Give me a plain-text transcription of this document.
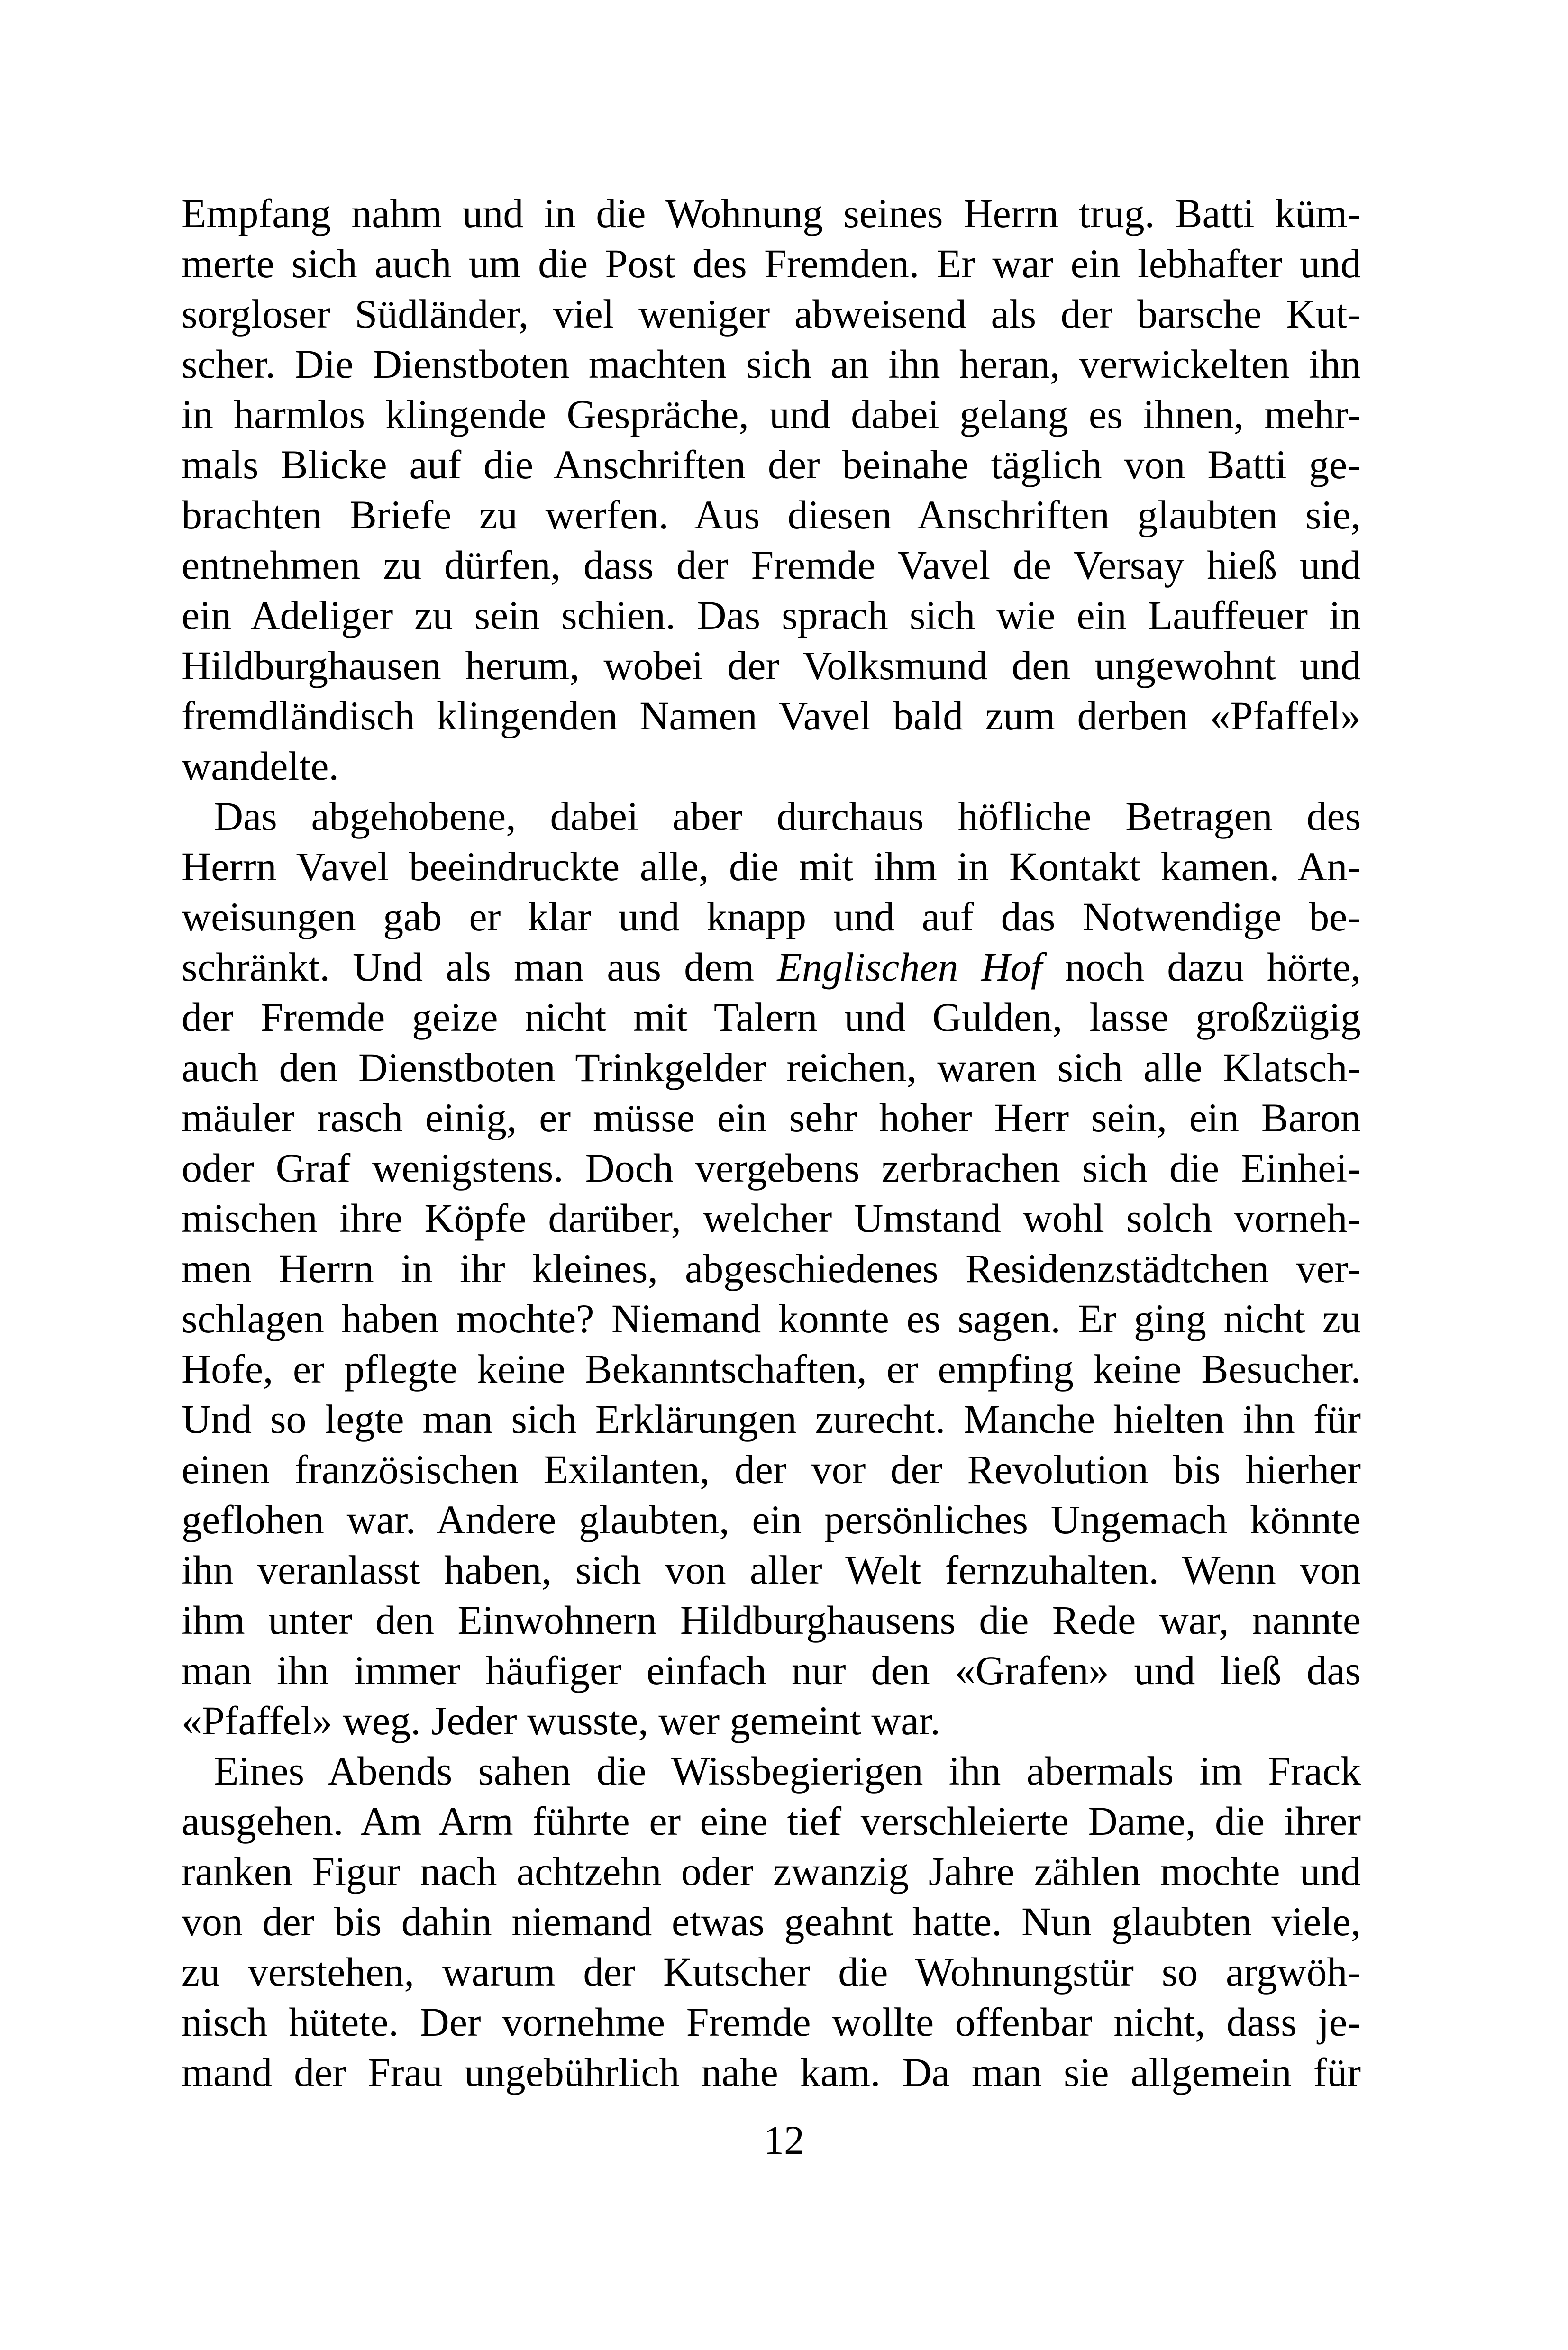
Empfang nahm und in die Wohnung seines Herrn trug. Batti küm-
merte sich auch um die Post des Fremden. Er war ein lebhafter und
sorgloser Südländer, viel weniger abweisend als der barsche Kut-
scher. Die Dienstboten machten sich an ihn heran, verwickelten ihn
in harmlos klingende Gespräche, und dabei gelang es ihnen, mehr-
mals Blicke auf die Anschriften der beinahe täglich von Batti ge-
brachten Briefe zu werfen. Aus diesen Anschriften glaubten sie,
entnehmen zu dürfen, dass der Fremde Vavel de Versay hieß und
ein Adeliger zu sein schien. Das sprach sich wie ein Lauffeuer in
Hildburghausen herum, wobei der Volksmund den ungewohnt und
fremdländisch klingenden Namen Vavel bald zum derben «Pfaffel»
wandelte.
Das abgehobene, dabei aber durchaus höfliche Betragen des
Herrn Vavel beeindruckte alle, die mit ihm in Kontakt kamen. An-
weisungen gab er klar und knapp und auf das Notwendige be-
schränkt. Und als man aus dem Englischen Hof noch dazu hörte,
der Fremde geize nicht mit Talern und Gulden, lasse großzügig
auch den Dienstboten Trinkgelder reichen, waren sich alle Klatsch-
mäuler rasch einig, er müsse ein sehr hoher Herr sein, ein Baron
oder Graf wenigstens. Doch vergebens zerbrachen sich die Einhei-
mischen ihre Köpfe darüber, welcher Umstand wohl solch vorneh-
men Herrn in ihr kleines, abgeschiedenes Residenzstädtchen ver-
schlagen haben mochte? Niemand konnte es sagen. Er ging nicht zu
Hofe, er pflegte keine Bekanntschaften, er empfing keine Besucher.
Und so legte man sich Erklärungen zurecht. Manche hielten ihn für
einen französischen Exilanten, der vor der Revolution bis hierher
geflohen war. Andere glaubten, ein persönliches Ungemach könnte
ihn veranlasst haben, sich von aller Welt fernzuhalten. Wenn von
ihm unter den Einwohnern Hildburghausens die Rede war, nannte
man ihn immer häufiger einfach nur den «Grafen» und ließ das
«Pfaffel» weg. Jeder wusste, wer gemeint war.
Eines Abends sahen die Wissbegierigen ihn abermals im Frack
ausgehen. Am Arm führte er eine tief verschleierte Dame, die ihrer
ranken Figur nach achtzehn oder zwanzig Jahre zählen mochte und
von der bis dahin niemand etwas geahnt hatte. Nun glaubten viele,
zu verstehen, warum der Kutscher die Wohnungstür so argwöh-
nisch hütete. Der vornehme Fremde wollte offenbar nicht, dass je-
mand der Frau ungebührlich nahe kam. Da man sie allgemein für
12
